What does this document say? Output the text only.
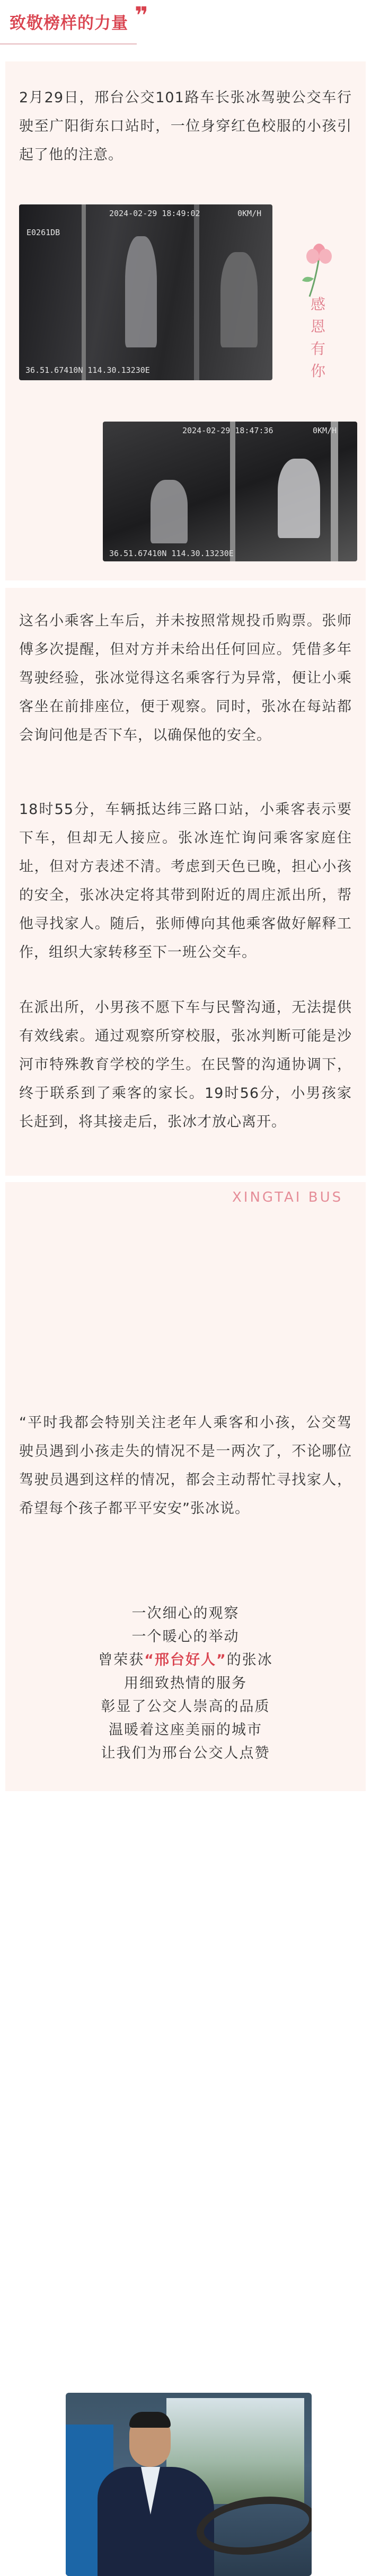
致敬榜样的力量 ❞
2月29日，邢台公交101路车长张冰驾驶公交车行驶至广阳街东口站时，一位身穿红色校服的小孩引起了他的注意。
E0261DB
2024-02-29 18:49:02	0KM/H
36.51.67410N 114.30.13230E
感
恩
有
你
2024-02-29 18:47:36	0KM/H
36.51.67410N 114.30.13230E
这名小乘客上车后，并未按照常规投币购票。张师傅多次提醒，但对方并未给出任何回应。凭借多年驾驶经验，张冰觉得这名乘客行为异常，便让小乘客坐在前排座位，便于观察。同时，张冰在每站都会询问他是否下车，以确保他的安全。
18时55分，车辆抵达纬三路口站，小乘客表示要下车，但却无人接应。张冰连忙询问乘客家庭住址，但对方表述不清。考虑到天色已晚，担心小孩的安全，张冰决定将其带到附近的周庄派出所，帮他寻找家人。随后，张师傅向其他乘客做好解释工作，组织大家转移至下一班公交车。
在派出所，小男孩不愿下车与民警沟通，无法提供有效线索。通过观察所穿校服，张冰判断可能是沙河市特殊教育学校的学生。在民警的沟通协调下，终于联系到了乘客的家长。19时56分，小男孩家长赶到，将其接走后，张冰才放心离开。
“平时我都会特别关注老年人乘客和小孩，公交驾驶员遇到小孩走失的情况不是一两次了，不论哪位驾驶员遇到这样的情况，都会主动帮忙寻找家人，希望每个孩子都平平安安”张冰说。
一次细心的观察
一个暖心的举动
曾荣获“邢台好人”的张冰
用细致热情的服务
彰显了公交人崇高的品质
温暖着这座美丽的城市
让我们为邢台公交人点赞
XINGTAI BUS
